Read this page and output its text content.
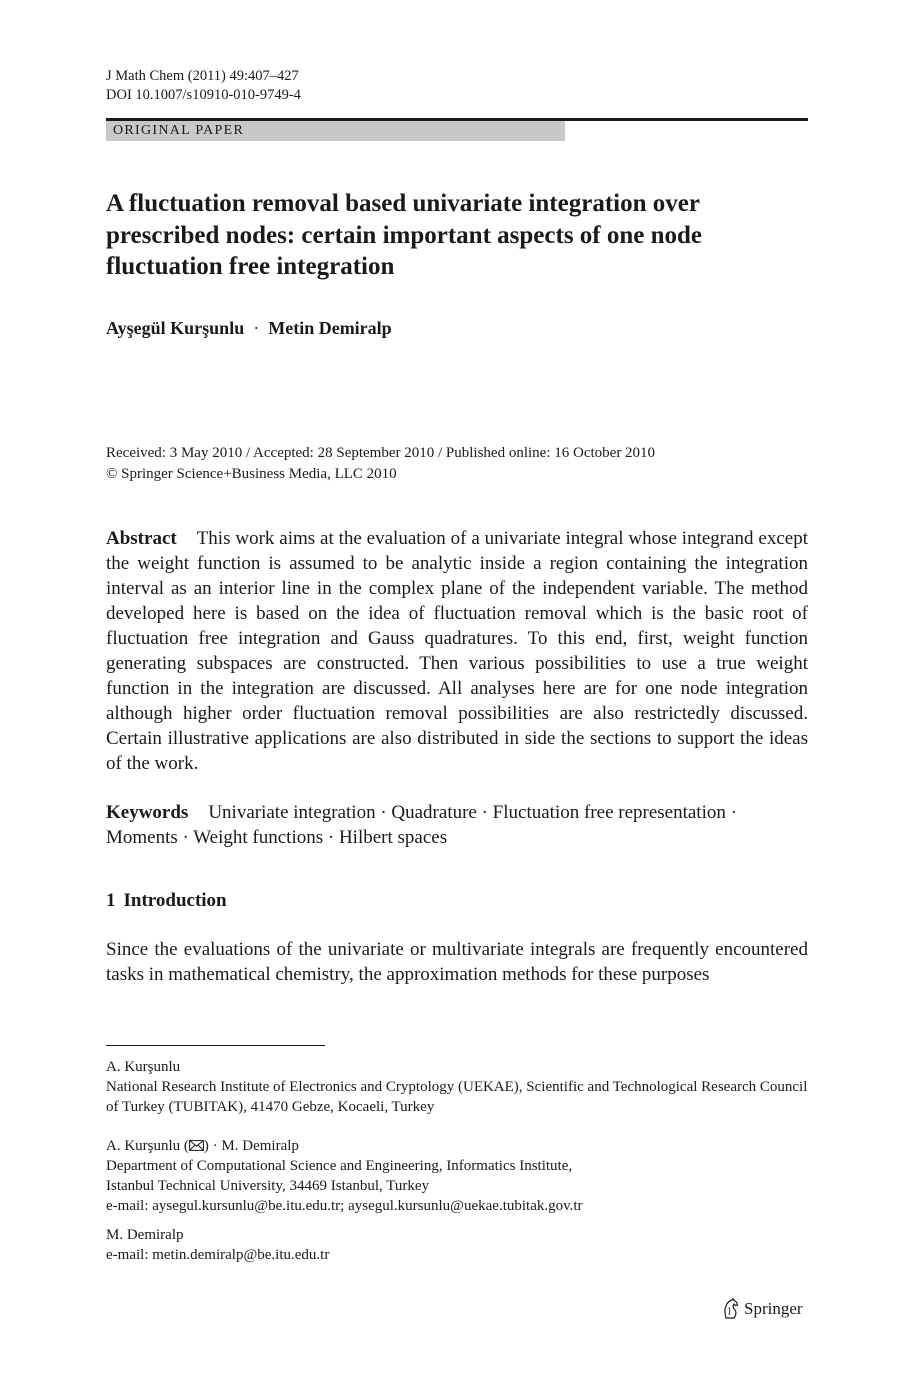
J Math Chem (2011) 49:407–427
DOI 10.1007/s10910-010-9749-4
ORIGINAL PAPER
A fluctuation removal based univariate integration over prescribed nodes: certain important aspects of one node fluctuation free integration
Ayşegül Kurşunlu · Metin Demiralp
Received: 3 May 2010 / Accepted: 28 September 2010 / Published online: 16 October 2010
© Springer Science+Business Media, LLC 2010
Abstract This work aims at the evaluation of a univariate integral whose integrand except the weight function is assumed to be analytic inside a region containing the integration interval as an interior line in the complex plane of the independent variable. The method developed here is based on the idea of fluctuation removal which is the basic root of fluctuation free integration and Gauss quadratures. To this end, first, weight function generating subspaces are constructed. Then various possibilities to use a true weight function in the integration are discussed. All analyses here are for one node integration although higher order fluctuation removal possibilities are also restrictedly discussed. Certain illustrative applications are also distributed in side the sections to support the ideas of the work.
Keywords Univariate integration · Quadrature · Fluctuation free representation · Moments · Weight functions · Hilbert spaces
1 Introduction
Since the evaluations of the univariate or multivariate integrals are frequently encountered tasks in mathematical chemistry, the approximation methods for these purposes
A. Kurşunlu
National Research Institute of Electronics and Cryptology (UEKAE), Scientific and Technological Research Council of Turkey (TUBITAK), 41470 Gebze, Kocaeli, Turkey
A. Kurşunlu ( ) · M. Demiralp
Department of Computational Science and Engineering, Informatics Institute,
Istanbul Technical University, 34469 Istanbul, Turkey
e-mail: aysegul.kursunlu@be.itu.edu.tr; aysegul.kursunlu@uekae.tubitak.gov.tr
M. Demiralp
e-mail: metin.demiralp@be.itu.edu.tr
Springer
